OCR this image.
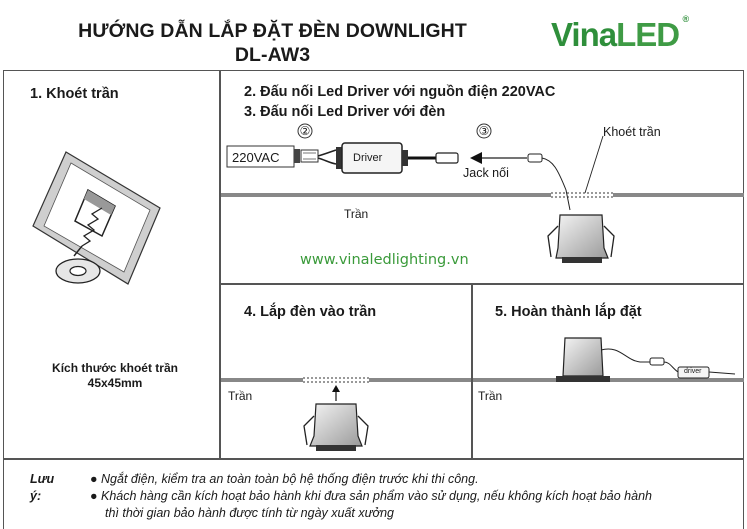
HƯỚNG DẪN LẮP ĐẶT ĐÈN DOWNLIGHT
DL-AW3
VinaLED ®
1. Khoét trần	2. Đấu nối Led Driver với nguồn điện 220VAC
3. Đấu nối Led Driver với đèn
4. Lắp đèn vào trần	5. Hoàn thành lắp đặt
Kích thước khoét trần
45x45mm
220VAC	Driver
②	③
Jack nối
Khoét trần
Trần
Trần	Trần
driver
www.vinaledlighting.vn
Lưu ý:
● Ngắt điện, kiểm tra an toàn toàn bộ hệ thống điện trước khi thi công.
● Khách hàng cần kích hoạt bảo hành khi đưa sản phẩm vào sử dụng, nếu không kích hoạt bảo hành
thì thời gian bảo hành được tính từ ngày xuất xưởng
